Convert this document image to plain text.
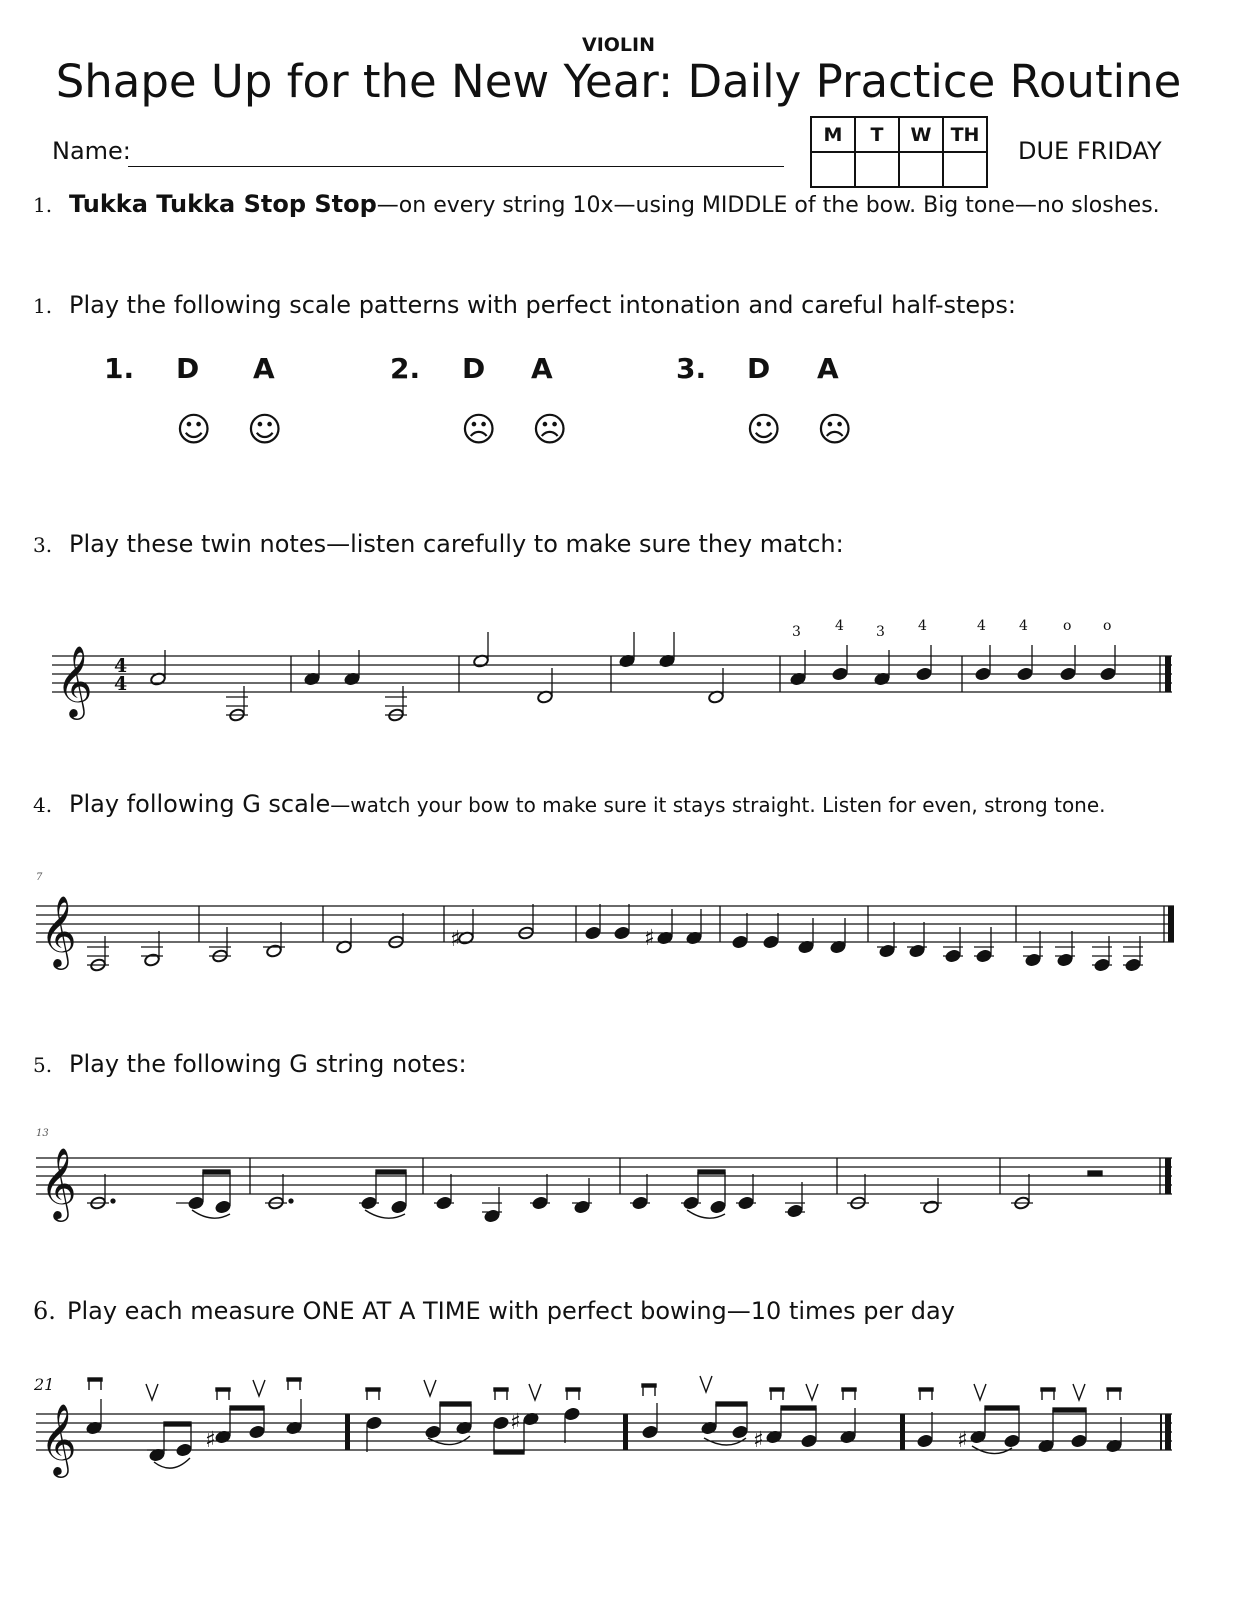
VIOLIN
Shape Up for the New Year: Daily Practice Routine
Name:
M	T	W	TH

DUE FRIDAY
1. Tukka Tukka Stop Stop—on every string 10x—using MIDDLE of the bow. Big tone—no sloshes.
1. Play the following scale patterns with perfect intonation and careful half-steps:
1. D A
☺ ☺
2. D A
☹ ☹
3. D A
☺ ☹
3. Play these twin notes—listen carefully to make sure they match:
𝄞 4
4
3 4 3 4	4 4	o o
4. Play following G scale—watch your bow to make sure it stays straight. Listen for even, strong tone.
7
𝄞	♯	♯
5. Play the following G string notes:
13
𝄞
6. Play each measure ONE AT A TIME with perfect bowing—10 times per day
21
𝄞	♯
♯
♯	♯
